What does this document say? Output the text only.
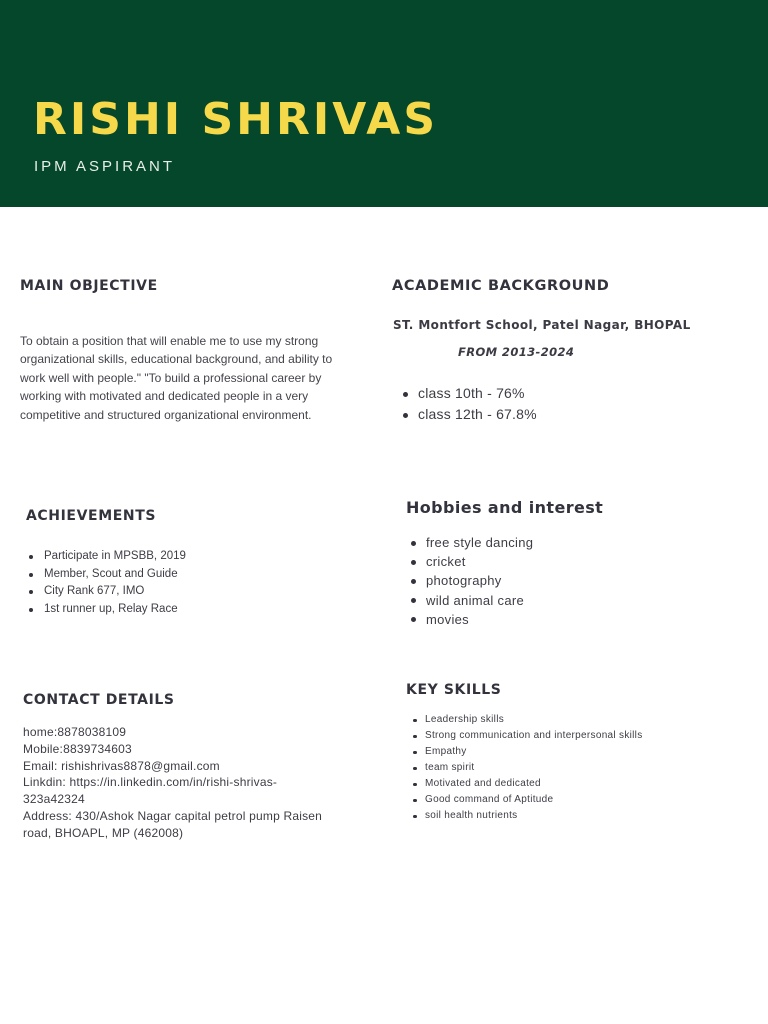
RISHI SHRIVAS
IPM ASPIRANT
MAIN OBJECTIVE

To obtain a position that will enable me to use my strong organizational skills, educational background, and ability to work well with people." "To build a professional career by working with motivated and dedicated people in a very competitive and structured organizational environment.

ACADEMIC BACKGROUND
ST. Montfort School, Patel Nagar, BHOPAL
FROM 2013-2024
class 10th - 76%
class 12th - 67.8%
ACHIEVEMENTS
Participate in MPSBB, 2019
Member, Scout and Guide
City Rank 677, IMO
1st runner up, Relay Race
Hobbies and interest
free style dancing
cricket
photography
wild animal care
movies
CONTACT DETAILS

home:8878038109

Mobile:8839734603

Email: rishishrivas8878@gmail.com

Linkdin: https://in.linkedin.com/in/rishi-shrivas-

323a42324

Address: 430/Ashok Nagar capital petrol pump Raisen

road, BHOAPL, MP (462008)

KEY SKILLS
Leadership skills
Strong communication and interpersonal skills
Empathy
team spirit
Motivated and dedicated
Good command of Aptitude
soil health nutrients
